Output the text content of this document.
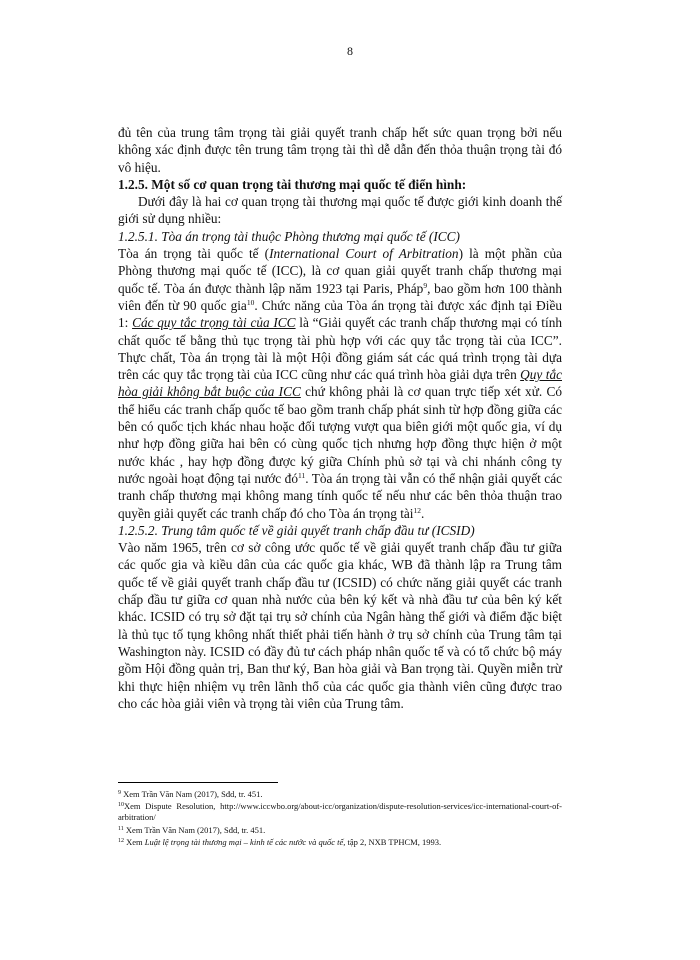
8

đủ tên của trung tâm trọng tài giải quyết tranh chấp hết sức quan trọng bởi nếu không xác định được tên trung tâm trọng tài thì dễ dẫn đến thỏa thuận trọng tài đó vô hiệu.

1.2.5. Một số cơ quan trọng tài thương mại quốc tế điển hình:

  Dưới đây là hai cơ quan trọng tài thương mại quốc tế được giới kinh doanh thế giới sử dụng nhiều:

1.2.5.1. Tòa án trọng tài thuộc Phòng thương mại quốc tế (ICC)

Tòa án trọng tài quốc tế (International Court of Arbitration) là một phần của Phòng thương mại quốc tế (ICC), là cơ quan giải quyết tranh chấp thương mại quốc tế. Tòa án được thành lập năm 1923 tại Paris, Pháp$^9$, bao gồm hơn 100 thành viên đến từ 90 quốc gia$^{10}$. Chức năng của Tòa án trọng tài được xác định tại Điều 1: Các quy tắc trọng tài của ICC là “Giải quyết các tranh chấp thương mại có tính chất quốc tế bằng thủ tục trọng tài phù hợp với các quy tắc trọng tài của ICC”. Thực chất, Tòa án trọng tài là một Hội đồng giám sát các quá trình trọng tài dựa trên các quy tắc trọng tài của ICC cũng như các quá trình hòa giải dựa trên Quy tắc hòa giải không bắt buộc của ICC chứ không phải là cơ quan trực tiếp xét xử. Có thể hiểu các tranh chấp quốc tế bao gồm tranh chấp phát sinh từ hợp đồng giữa các bên có quốc tịch khác nhau hoặc đối tượng vượt qua biên giới một quốc gia, ví dụ như hợp đồng giữa hai bên có cùng quốc tịch nhưng hợp đồng thực hiện ở một nước khác , hay hợp đồng được ký giữa Chính phủ sở tại và chi nhánh công ty nước ngoài hoạt động tại nước $đó^{11}$. Tòa án trọng tài vẫn có thể nhận giải quyết các tranh chấp thương mại không mang tính quốc tế nếu như các bên thỏa thuận trao quyền giải quyết các tranh chấp đó cho Tòa án trọng tài$^{12}$.

1.2.5.2. Trung tâm quốc tế về giải quyết tranh chấp đầu tư (ICSID)

Vào năm 1965, trên cơ sở công ước quốc tế về giải quyết tranh chấp đầu tư giữa các quốc gia và kiều dân của các quốc gia khác, WB đã thành lập ra Trung tâm quốc tế về giải quyết tranh chấp đầu tư (ICSID) có chức năng giải quyết các tranh chấp đầu tư giữa cơ quan nhà nước của bên ký kết và nhà đầu tư của bên ký kết khác. ICSID có trụ sở đặt tại trụ sở chính của Ngân hàng thế giới và điểm đặc biệt là thủ tục tố tụng không nhất thiết phải tiến hành ở trụ sở chính của Trung tâm tại Washington này. ICSID có đầy đủ tư cách pháp nhân quốc tế và có tổ chức bộ máy gồm Hội đồng quản trị, Ban thư ký, Ban hòa giải và Ban trọng tài. Quyền miễn trừ khi thực hiện nhiệm vụ trên lãnh thổ của các quốc gia thành viên cũng được trao cho các hòa giải viên và trọng tài viên của Trung tâm.

$^9$ Xem Trần Văn Nam (2017), Sđd, tr. 451.

$^{10}$Xem Dispute Resolution, http://www.iccwbo.org/about-icc/organization/dispute-resolution-services/icc-international-court-of-arbitration/

$^{11}$ Xem Trần Văn Nam (2017), Sđd, tr. 451.

$^{12}$ Xem Luật lệ trọng tài thương mại – kinh tế các nước và quốc tế, tập 2, NXB TPHCM, 1993.
